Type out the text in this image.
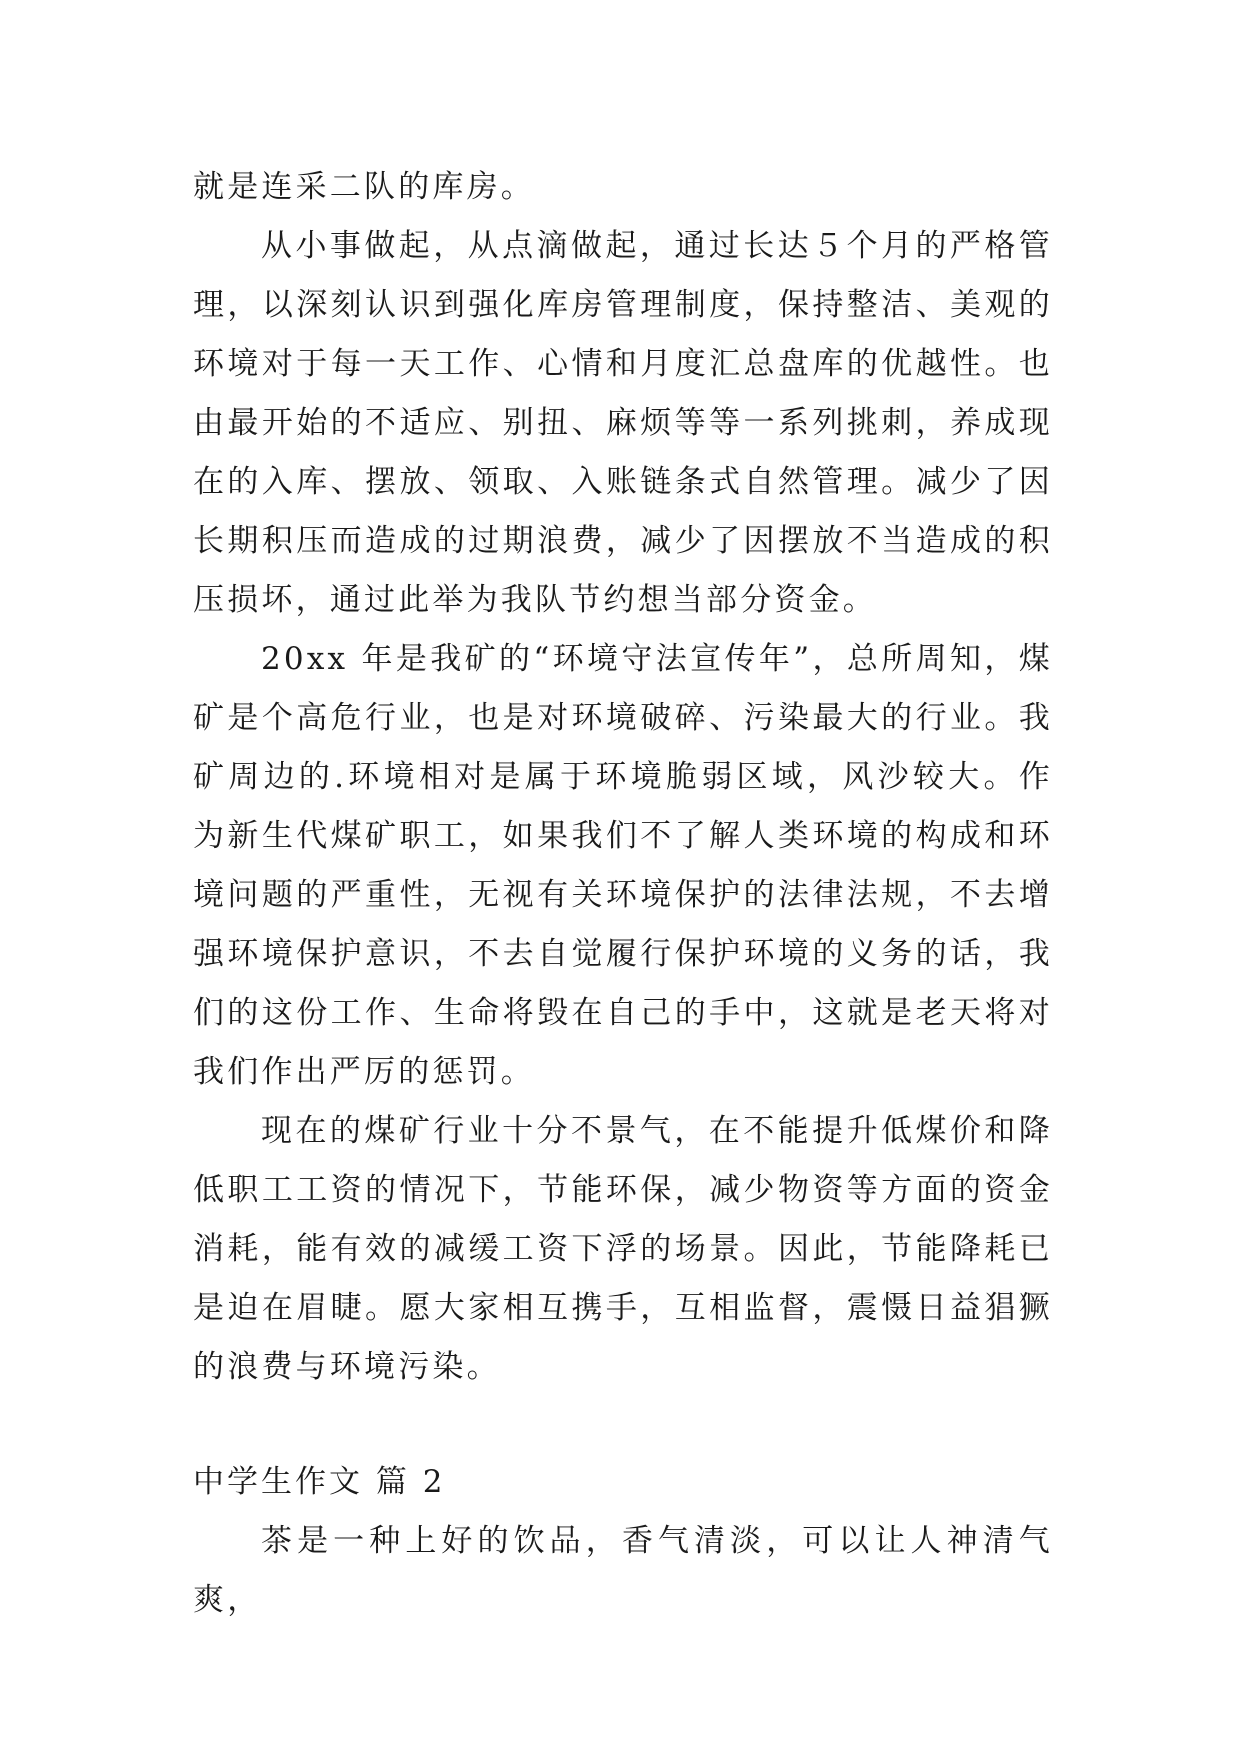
就是连采二队的库房。

从小事做起，从点滴做起，通过长达５个月的严格管理，以深刻认识到强化库房管理制度，保持整洁、美观的环境对于每一天工作、心情和月度汇总盘库的优越性。也由最开始的不适应、别扭、麻烦等等一系列挑刺，养成现在的入库、摆放、领取、入账链条式自然管理。减少了因长期积压而造成的过期浪费，减少了因摆放不当造成的积压损坏，通过此举为我队节约想当部分资金。

20xx 年是我矿的“环境守法宣传年”，总所周知，煤矿是个高危行业，也是对环境破碎、污染最大的行业。我矿周边的.环境相对是属于环境脆弱区域，风沙较大。作为新生代煤矿职工，如果我们不了解人类环境的构成和环境问题的严重性，无视有关环境保护的法律法规，不去增强环境保护意识，不去自觉履行保护环境的义务的话，我们的这份工作、生命将毁在自己的手中，这就是老天将对我们作出严厉的惩罚。

现在的煤矿行业十分不景气，在不能提升低煤价和降低职工工资的情况下，节能环保，减少物资等方面的资金消耗，能有效的减缓工资下浮的场景。因此，节能降耗已是迫在眉睫。愿大家相互携手，互相监督，震慑日益猖獗的浪费与环境污染。

中学生作文 篇 2

茶是一种上好的饮品，香气清淡，可以让人神清气爽，
